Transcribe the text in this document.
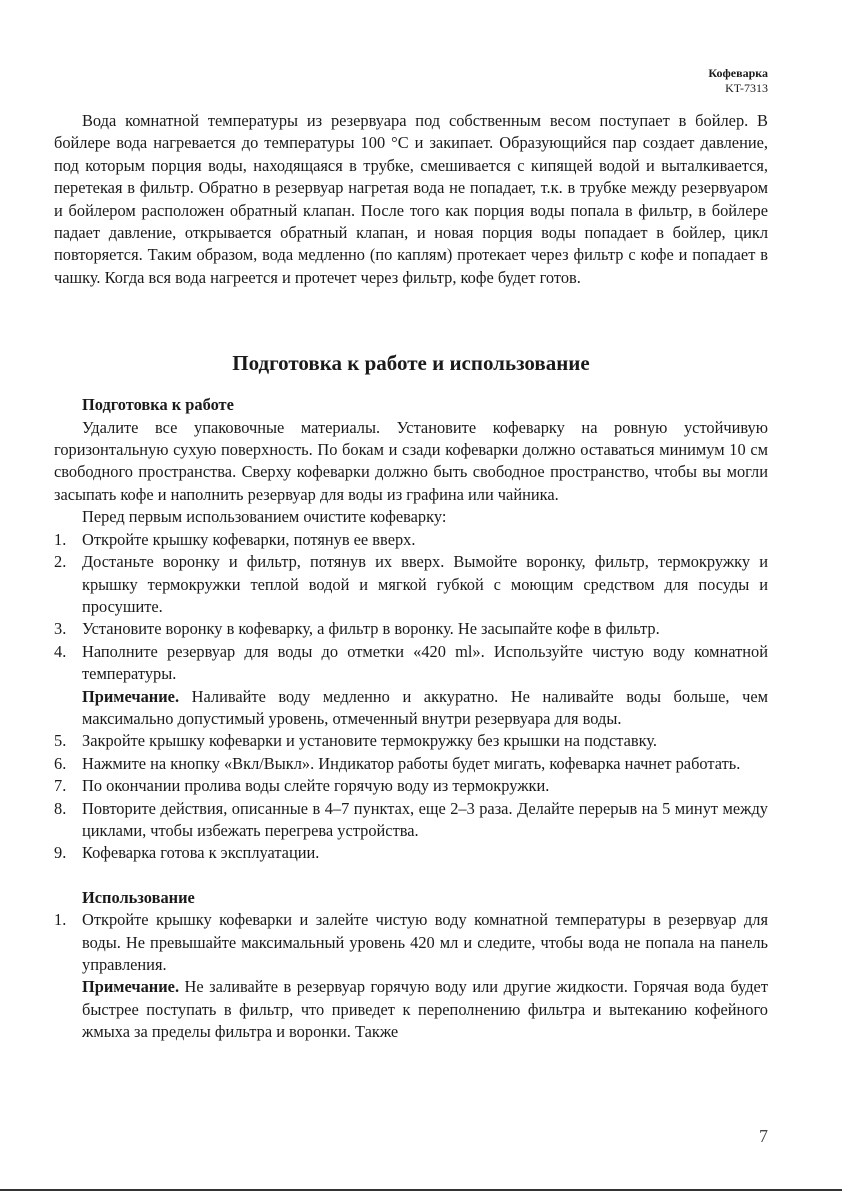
Кофеварка
KT-7313

Вода комнатной температуры из резервуара под собственным весом поступает в бойлер. В бойлере вода нагревается до температуры 100 °C и закипает. Образующийся пар создает давление, под которым порция воды, находящаяся в трубке, смешивается с кипящей водой и выталкивается, перетекая в фильтр. Обратно в резервуар нагретая вода не попадает, т.к. в трубке между резервуаром и бойлером расположен обратный клапан. После того как порция воды попала в фильтр, в бойлере падает давление, открывается обратный клапан, и новая порция воды попадает в бойлер, цикл повторяется. Таким образом, вода медленно (по каплям) протекает через фильтр с кофе и попадает в чашку. Когда вся вода нагреется и протечет через фильтр, кофе будет готов.

Подготовка к работе и использование
Подготовка к работе

Удалите все упаковочные материалы. Установите кофеварку на ровную устойчивую горизонтальную сухую поверхность. По бокам и сзади кофеварки должно оставаться минимум 10 см свободного пространства. Сверху кофеварки должно быть свободное пространство, чтобы вы могли засыпать кофе и наполнить резервуар для воды из графина или чайника.

Перед первым использованием очистите кофеварку:

1. Откройте крышку кофеварки, потянув ее вверх.
2. Достаньте воронку и фильтр, потянув их вверх. Вымойте воронку, фильтр, термокружку и крышку термокружки теплой водой и мягкой губкой с моющим средством для посуды и просушите.
3. Установите воронку в кофеварку, а фильтр в воронку. Не засыпайте кофе в фильтр.
4. Наполните резервуар для воды до отметки «420 ml». Используйте чистую воду комнатной температуры.
Примечание. Наливайте воду медленно и аккуратно. Не наливайте воды больше, чем максимально допустимый уровень, отмеченный внутри резервуара для воды.
5. Закройте крышку кофеварки и установите термокружку без крышки на подставку.
6. Нажмите на кнопку «Вкл/Выкл». Индикатор работы будет мигать, кофеварка начнет работать.
7. По окончании пролива воды слейте горячую воду из термокружки.
8. Повторите действия, описанные в 4–7 пунктах, еще 2–3 раза. Делайте перерыв на 5 минут между циклами, чтобы избежать перегрева устройства.
9. Кофеварка готова к эксплуатации.
Использование
1. Откройте крышку кофеварки и залейте чистую воду комнатной температуры в резервуар для воды. Не превышайте максимальный уровень 420 мл и следите, чтобы вода не попала на панель управления.
Примечание. Не заливайте в резервуар горячую воду или другие жидкости. Горячая вода будет быстрее поступать в фильтр, что приведет к переполнению фильтра и вытеканию кофейного жмыха за пределы фильтра и воронки. Также
7
